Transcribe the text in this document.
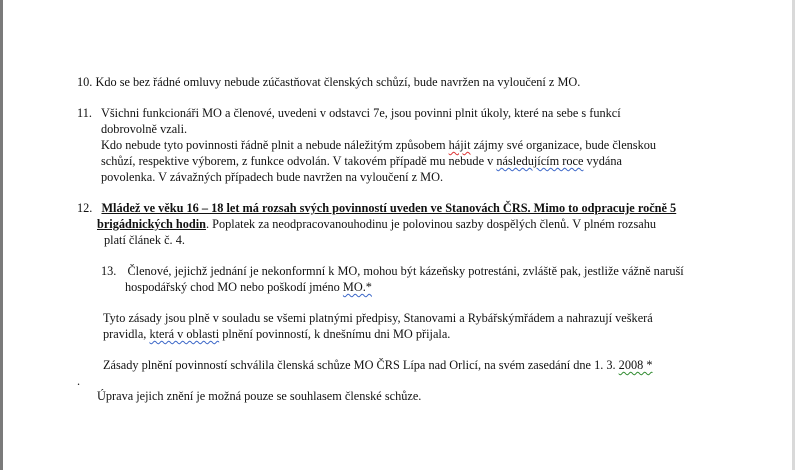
10. Kdo se bez řádné omluvy nebude zúčastňovat členských schůzí, bude navržen na vyloučení z MO.
11. Všichni funkcionáři MO a členové, uvedeni v odstavci 7e, jsou povinni plnit úkoly, které na sebe s funkcí
dobrovolně vzali.
Kdo nebude tyto povinnosti řádně plnit a nebude náležitým způsobem hájit zájmy své organizace, bude členskou
schůzí, respektive výborem, z funkce odvolán. V takovém případě mu nebude v následujícím roce vydána
povolenka. V závažných případech bude navržen na vyloučení z MO.
12. Mládež ve věku 16 – 18 let má rozsah svých povinností uveden ve Stanovách ČRS. Mimo to odpracuje ročně 5
brigádnických hodin. Poplatek za neodpracovanouhodinu je polovinou sazby dospělých členů. V plném rozsahu
platí článek č. 4.
13. Členové, jejichž jednání je nekonformní k MO, mohou být kázeňsky potrestáni, zvláště pak, jestliže vážně naruší
hospodářský chod MO nebo poškodí jméno MO.*
Tyto zásady jsou plně v souladu se všemi platnými předpisy, Stanovami a Rybářskýmřádem a nahrazují veškerá
pravidla, která v oblasti plnění povinností, k dnešnímu dni MO přijala.
Zásady plnění povinností schválila členská schůze MO ČRS Lípa nad Orlicí, na svém zasedání dne 1. 3. 2008 *
.
Úprava jejich znění je možná pouze se souhlasem členské schůze.
